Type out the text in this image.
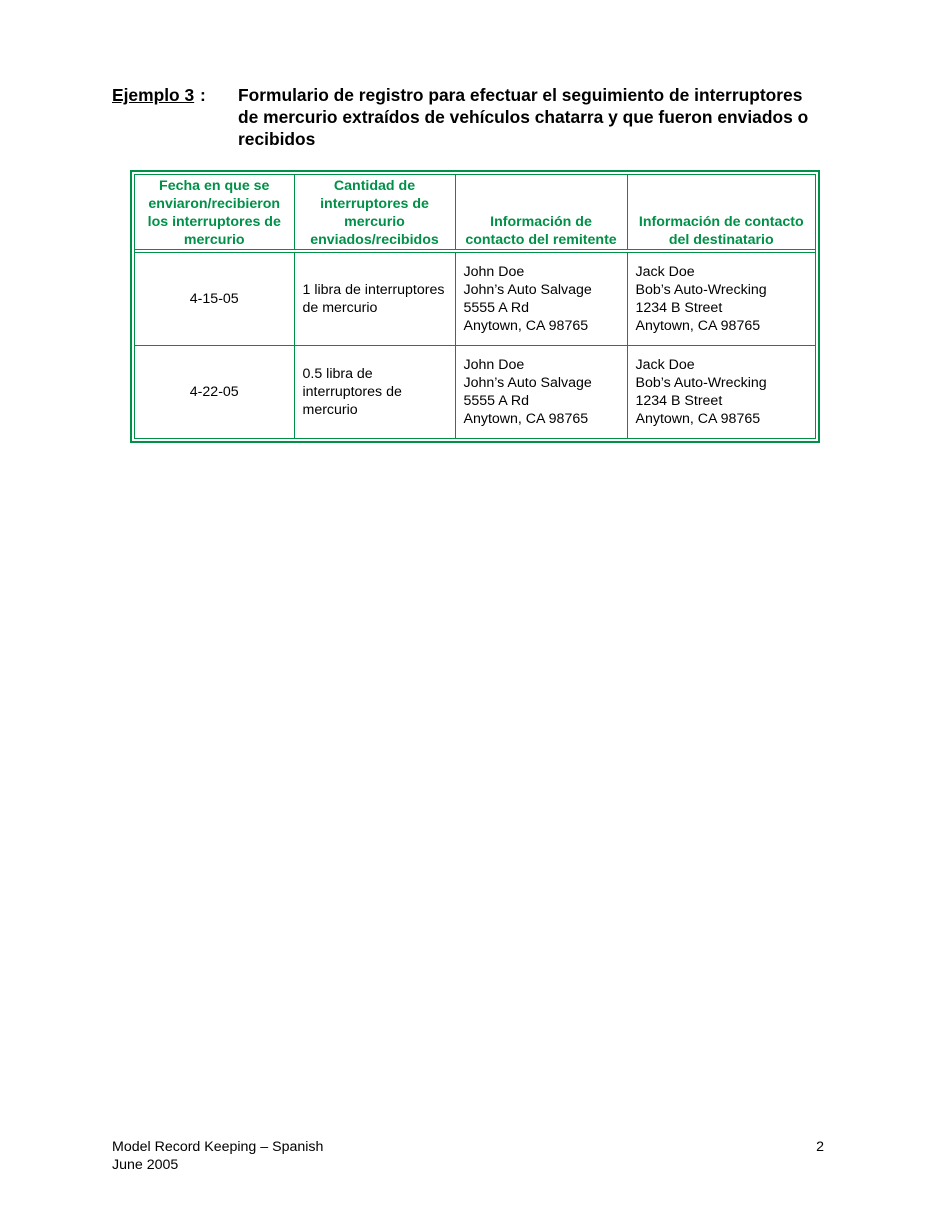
Ejemplo 3 : Formulario de registro para efectuar el seguimiento de interruptores de mercurio extraídos de vehículos chatarra y que fueron enviados o recibidos
Fecha en que se enviaron/recibieron los interruptores de mercurio	Cantidad de interruptores de mercurio enviados/recibidos	Información de contacto del remitente	Información de contacto del destinatario
4-15-05	1 libra de interruptores de mercurio	John Doe
John’s Auto Salvage
5555 A Rd
Anytown, CA 98765	Jack Doe
Bob’s Auto-Wrecking
1234 B Street
Anytown, CA 98765

4-22-05	0.5 libra de interruptores de mercurio	John Doe
John’s Auto Salvage
5555 A Rd
Anytown, CA 98765	Jack Doe
Bob’s Auto-Wrecking
1234 B Street
Anytown, CA 98765
Model Record Keeping – Spanish
June 2005
2
